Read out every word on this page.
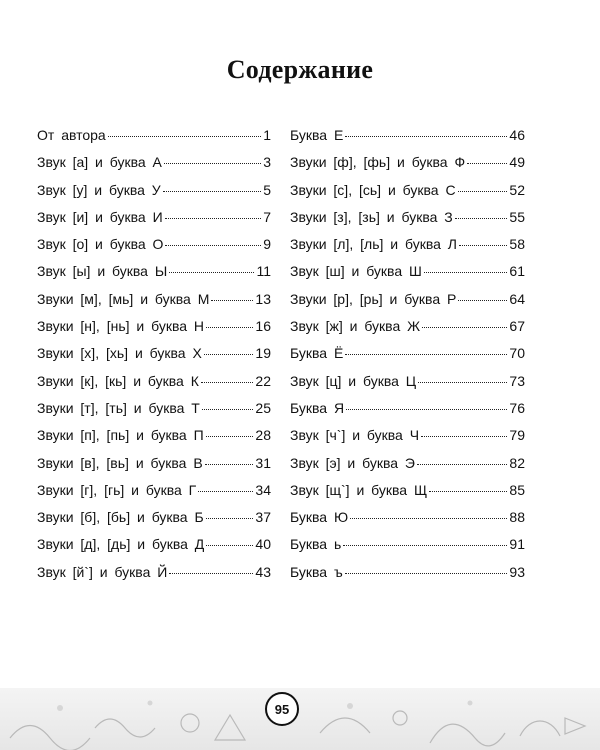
Содержание
От автора	1
Звук [а] и буква А	3
Звук [у] и буква У	5
Звук [и] и буква И	7
Звук [о] и буква О	9
Звук [ы] и буква Ы	11
Звуки [м], [мь] и буква М	13
Звуки [н], [нь] и буква Н	16
Звуки [х], [хь] и буква Х	19
Звуки [к], [кь] и буква К	22
Звуки [т], [ть] и буква Т	25
Звуки [п], [пь] и буква П	28
Звуки [в], [вь] и буква В	31
Звуки [г], [гь] и буква Г	34
Звуки [б], [бь] и буква Б	37
Звуки [д], [дь] и буква Д	40
Звук [й`] и буква Й	43
Буква Е	46
Звуки [ф], [фь] и буква Ф	49
Звуки [с], [сь] и буква С	52
Звуки [з], [зь] и буква З	55
Звуки [л], [ль] и буква Л	58
Звук [ш] и буква Ш	61
Звуки [р], [рь] и буква Р	64
Звук [ж] и буква Ж	67
Буква Ё	70
Звук [ц] и буква Ц	73
Буква Я	76
Звук [ч`] и буква Ч	79
Звук [э] и буква Э	82
Звук [щ`] и буква Щ	85
Буква Ю	88
Буква ь	91
Буква ъ	93
95
